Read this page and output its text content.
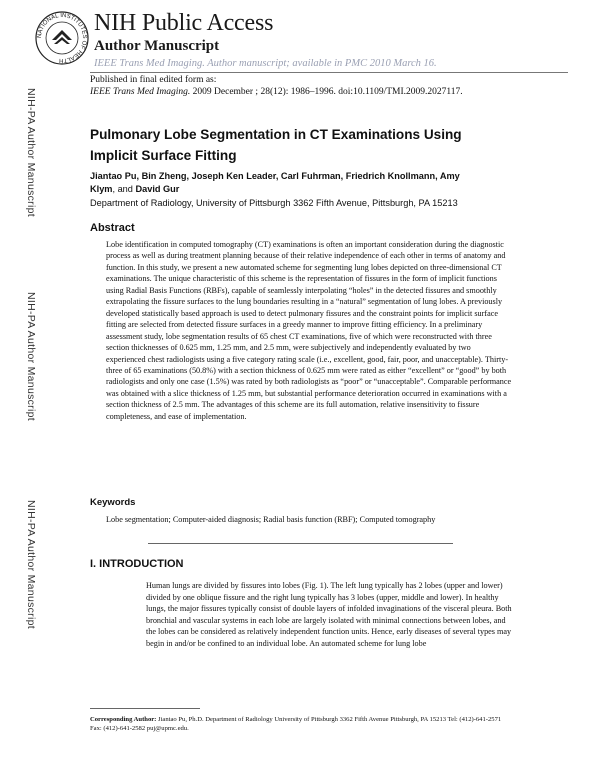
NATIONAL INSTITUTES OF HEALTH
NIH Public Access
Author Manuscript
IEEE Trans Med Imaging. Author manuscript; available in PMC 2010 March 16.
Published in final edited form as:
IEEE Trans Med Imaging. 2009 December ; 28(12): 1986–1996. doi:10.1109/TMI.2009.2027117.
NIH-PA Author Manuscript
NIH-PA Author Manuscript
NIH-PA Author Manuscript
Pulmonary Lobe Segmentation in CT Examinations Using Implicit Surface Fitting
Jiantao Pu, Bin Zheng, Joseph Ken Leader, Carl Fuhrman, Friedrich Knollmann, Amy
Klym, and David Gur
Department of Radiology, University of Pittsburgh 3362 Fifth Avenue, Pittsburgh, PA 15213
Abstract
Lobe identification in computed tomography (CT) examinations is often an important consideration during the diagnostic process as well as during treatment planning because of their relative independence of each other in terms of anatomy and function. In this study, we present a new automated scheme for segmenting lung lobes depicted on three-dimensional CT examinations. The unique characteristic of this scheme is the representation of fissures in the form of implicit functions using Radial Basis Functions (RBFs), capable of seamlessly interpolating “holes” in the detected fissures and smoothly extrapolating the fissure surfaces to the lung boundaries resulting in a “natural” segmentation of lung lobes. A previously developed statistically based approach is used to detect pulmonary fissures and the constraint points for implicit surface fitting are selected from detected fissure surfaces in a greedy manner to improve fitting efficiency. In a preliminary assessment study, lobe segmentation results of 65 chest CT examinations, five of which were reconstructed with three section thicknesses of 0.625 mm, 1.25 mm, and 2.5 mm, were subjectively and independently evaluated by two experienced chest radiologists using a five category rating scale (i.e., excellent, good, fair, poor, and unacceptable). Thirty-three of 65 examinations (50.8%) with a section thickness of 0.625 mm were rated as either “excellent” or “good” by both radiologists and only one case (1.5%) was rated by both radiologists as “poor” or “unacceptable”. Comparable performance was obtained with a slice thickness of 1.25 mm, but substantial performance deterioration occurred in examinations with a section thickness of 2.5 mm. The advantages of this scheme are its full automation, relative insensitivity to fissure completeness, and ease of implementation.
Keywords
Lobe segmentation; Computer-aided diagnosis; Radial basis function (RBF); Computed tomography
I. INTRODUCTION
Human lungs are divided by fissures into lobes (Fig. 1). The left lung typically has 2 lobes (upper and lower) divided by one oblique fissure and the right lung typically has 3 lobes (upper, middle and lower). In healthy lungs, the major fissures typically consist of double layers of infolded invaginations of the visceral pleura. Both bronchial and vascular systems in each lobe are largely isolated with minimal connections between lobes, and the lobes can be considered as relatively independent function units. Hence, early diseases of several types may begin in and/or be confined to an individual lobe. An automated scheme for lung lobe
Corresponding Author: Jiantao Pu, Ph.D. Department of Radiology University of Pittsburgh 3362 Fifth Avenue Pittsburgh, PA 15213 Tel: (412)-641-2571 Fax: (412)-641-2582 puj@upmc.edu.
